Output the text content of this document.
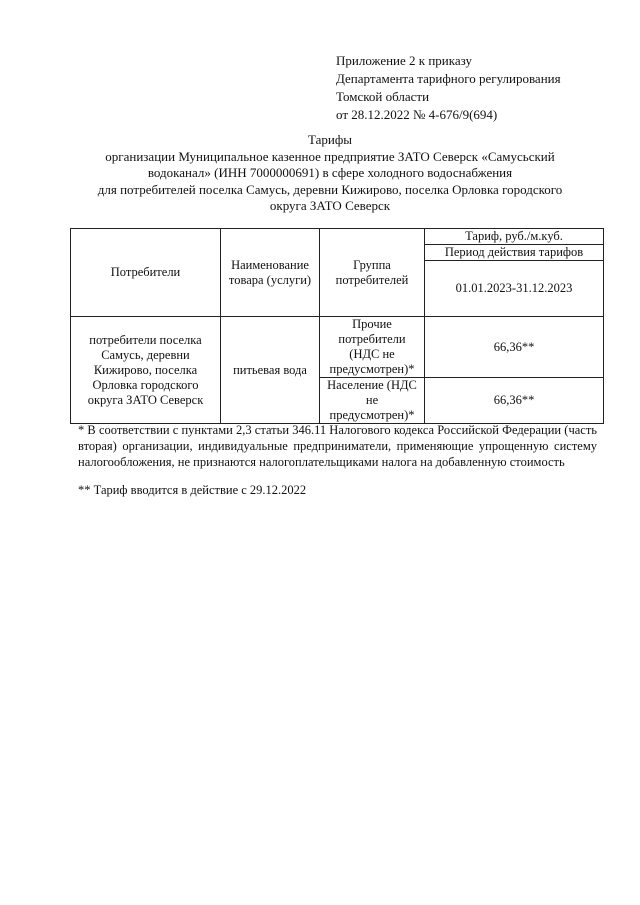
Приложение 2 к приказу
Департамента тарифного регулирования
Томской области
от 28.12.2022 № 4-676/9(694)
Тарифы
организации Муниципальное казенное предприятие ЗАТО Северск «Самусьский
водоканал» (ИНН 7000000691) в сфере холодного водоснабжения
для потребителей поселка Самусь, деревни Кижирово, поселка Орловка городского
округа ЗАТО Северск
Потребители	Наименование товара (услуги)	Группа потребителей	Тариф, руб./м.куб.
			Период действия тарифов
			01.01.2023-31.12.2023
потребители поселка Самусь, деревни Кижирово, поселка Орловка городского округа ЗАТО Северск	питьевая вода	Прочие потребители (НДС не предусмотрен)*	66,36**
		Население (НДС не предусмотрен)*	66,36**

* В соответствии с пунктами 2,3 статьи 346.11 Налогового кодекса Российской Федерации (часть вторая) организации, индивидуальные предприниматели, применяющие упрощенную систему налогообложения, не признаются налогоплательщиками налога на добавленную стоимость

** Тариф вводится в действие с 29.12.2022
